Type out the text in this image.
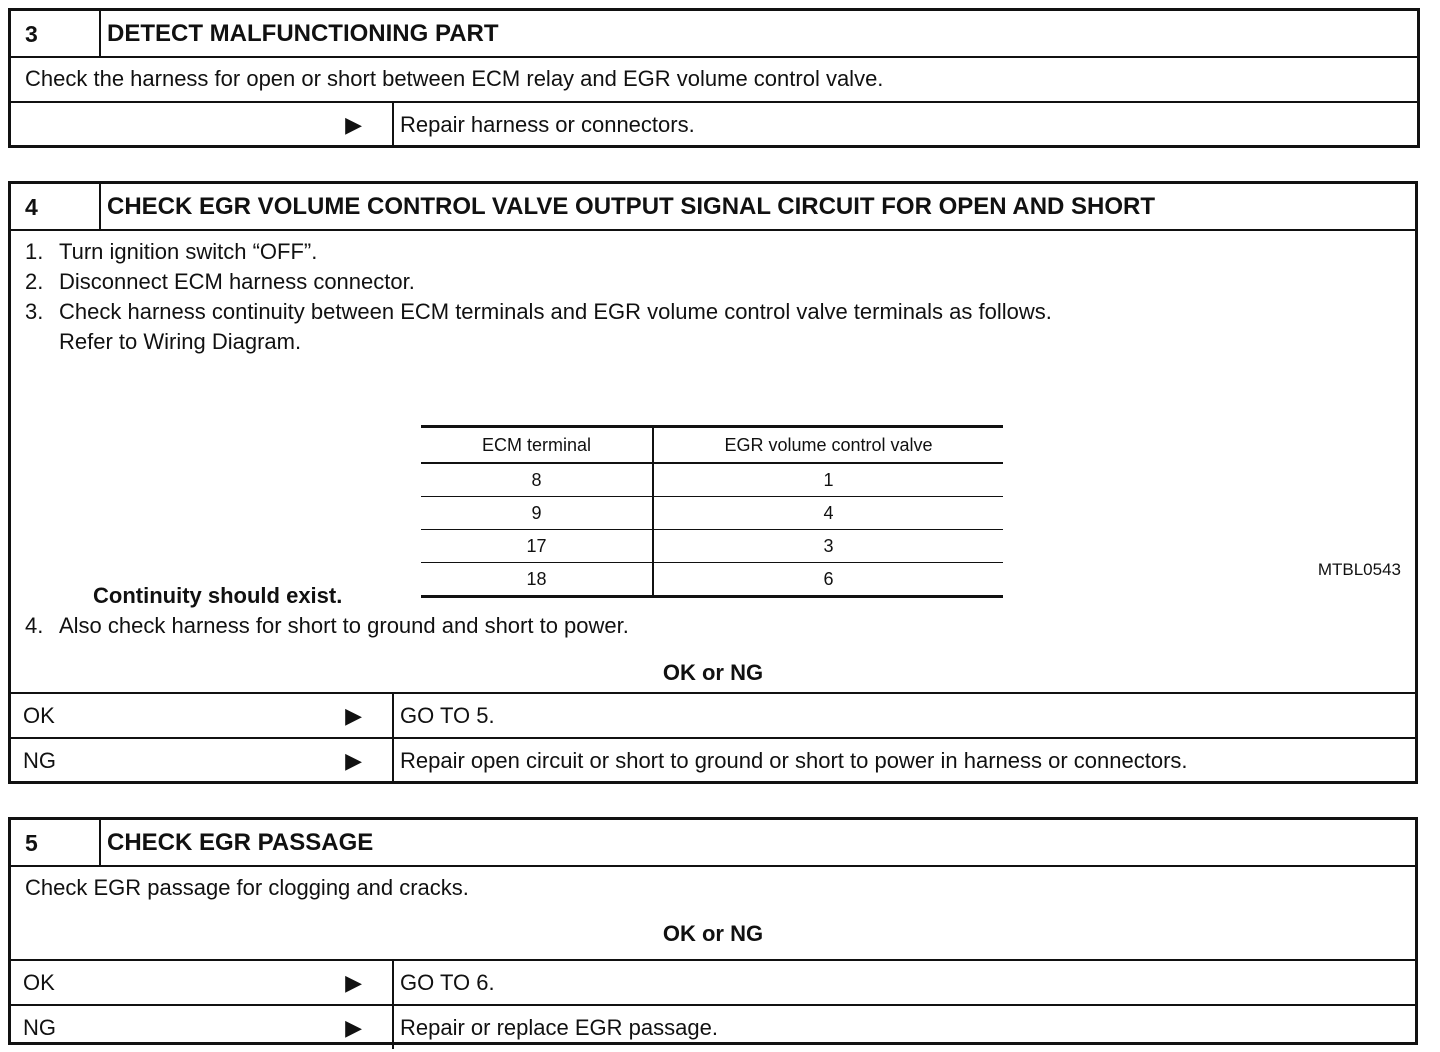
3	DETECT MALFUNCTIONING PART
Check the harness for open or short between ECM relay and EGR volume control valve.
▶ Repair harness or connectors.
4	CHECK EGR VOLUME CONTROL VALVE OUTPUT SIGNAL CIRCUIT FOR OPEN AND SHORT
1. Turn ignition switch “OFF”.
2. Disconnect ECM harness connector.
3. Check harness continuity between ECM terminals and EGR volume control valve terminals as follows.
Refer to Wiring Diagram.
ECM terminal	EGR volume control valve
8	1
9	4
17	3
18	6	MTBL0543
Continuity should exist.
4. Also check harness for short to ground and short to power.
OK or NG
OK	▶ GO TO 5.
NG	▶ Repair open circuit or short to ground or short to power in harness or connectors.
5	CHECK EGR PASSAGE
Check EGR passage for clogging and cracks.
OK or NG
OK	▶ GO TO 6.
NG	▶ Repair or replace EGR passage.
